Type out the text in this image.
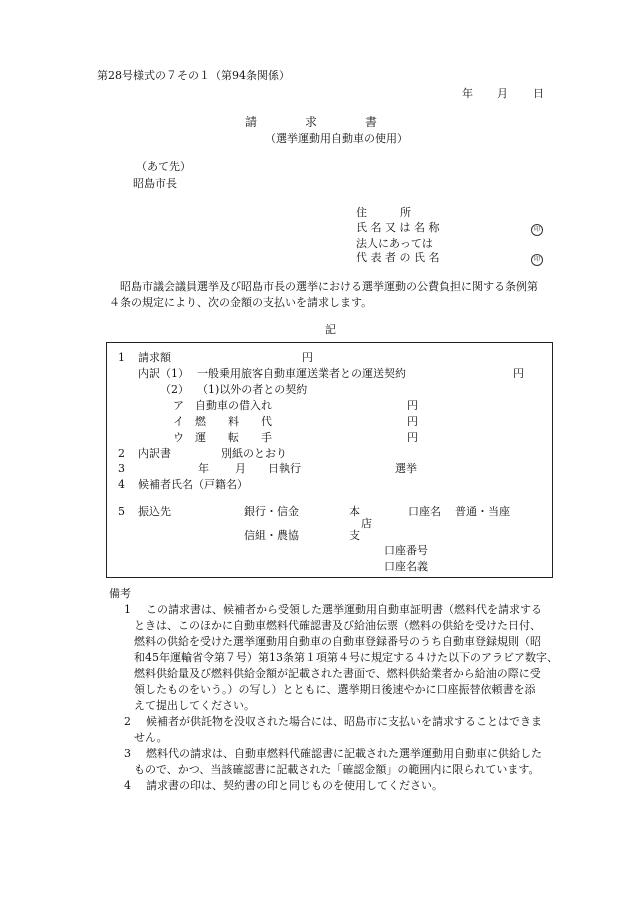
第28号様式の７その１（第94条関係）
年 月 日
請　　　　求　　　　書
（選挙運動用自動車の使用）
（あて先）
昭島市長
住　　　所
氏 名 又 は 名 称	印
法人にあっては
代 表 者 の 氏 名	印
昭島市議会議員選挙及び昭島市長の選挙における選挙運動の公費負担に関する条例第
４条の規定により、次の金額の支払いを請求します。
記
1 請求額	円
内訳（1） 一般乗用旅客自動車運送業者との運送契約	円
（2） （1)以外の者との契約
ア　自動車の借入れ	円
イ　燃　　料　　代	円
ウ　運　　転　　手	円
2 内訳書	別紙のとおり
3	年 月 日執行	選挙
4 候補者氏名（戸籍名）
5 振込先	銀行・信金	本	口座名 普通・当座
店
信組・農協	支
口座番号
口座名義
備考
1 この請求書は、候補者から受領した選挙運動用自動車証明書（燃料代を請求する
ときは、このほかに自動車燃料代確認書及び給油伝票（燃料の供給を受けた日付、
燃料の供給を受けた選挙運動用自動車の自動車登録番号のうち自動車登録規則（昭
和45年運輸省令第７号）第13条第１項第４号に規定する４けた以下のアラビア数字、
燃料供給量及び燃料供給金額が記載された書面で、燃料供給業者から給油の際に受
領したものをいう。）の写し）とともに、選挙期日後速やかに口座振替依頼書を添
えて提出してください。
2 候補者が供託物を没収された場合には、昭島市に支払いを請求することはできま
せん。
3 燃料代の請求は、自動車燃料代確認書に記載された選挙運動用自動車に供給した
もので、かつ、当該確認書に記載された「確認金額」の範囲内に限られています。
4 請求書の印は、契約書の印と同じものを使用してください。
